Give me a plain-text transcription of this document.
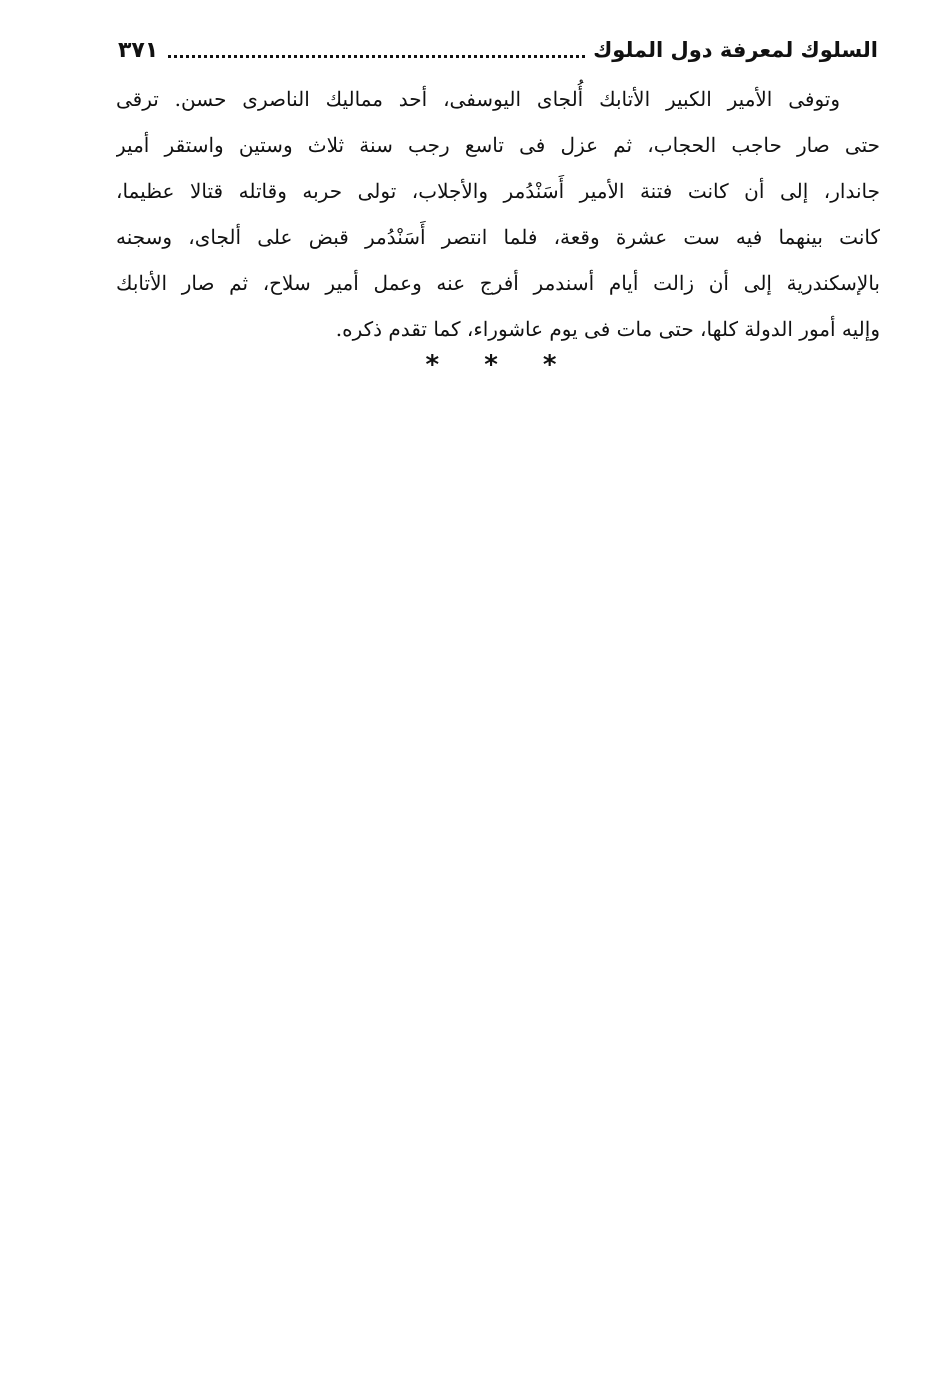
السلوك لمعرفة دول الملوك
٣٧١
وتوفى الأمير الكبير الأتابك أُلجاى اليوسفى، أحد مماليك الناصرى حسن. ترقى
حتى صار حاجب الحجاب، ثم عزل فى تاسع رجب سنة ثلاث وستين واستقر أمير
جاندار، إلى أن كانت فتنة الأمير أَسَنْدُمر والأجلاب، تولى حربه وقاتله قتالا عظيما،
كانت بينهما فيه ست عشرة وقعة، فلما انتصر أَسَنْدُمر قبض على ألجاى، وسجنه
بالإسكندرية إلى أن زالت أيام أسندمر أفرج عنه وعمل أمير سلاح، ثم صار الأتابك
وإليه أمور الدولة كلها، حتى مات فى يوم عاشوراء، كما تقدم ذكره.
* * *
